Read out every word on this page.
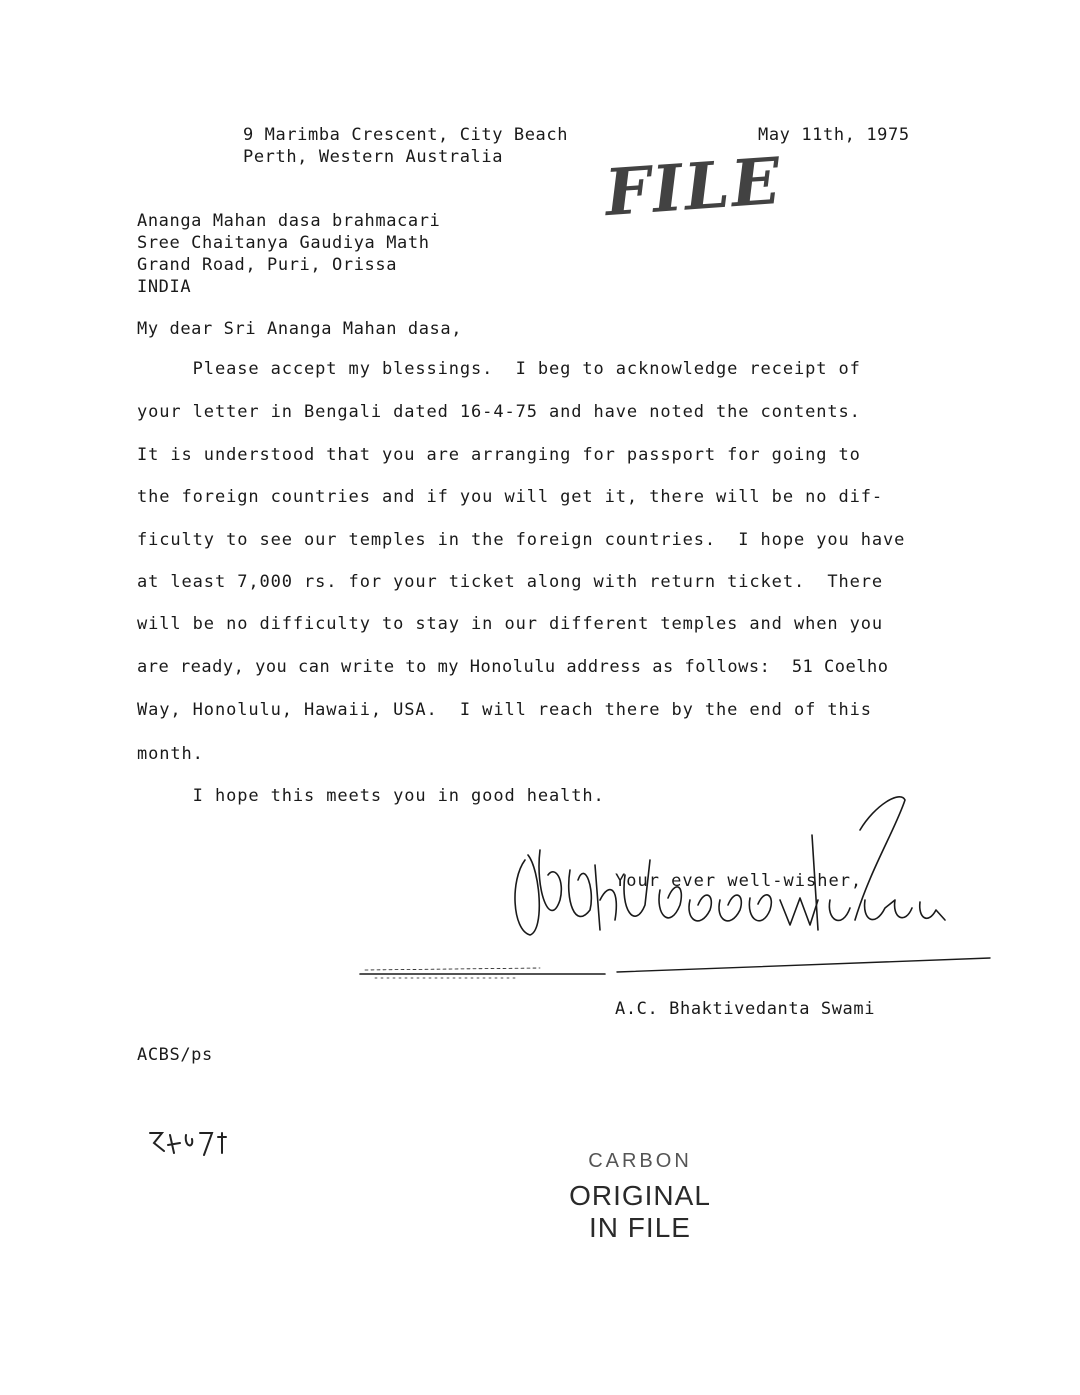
9 Marimba Crescent, City Beach
Perth, Western Australia
May 11th, 1975
FILE
Ananga Mahan dasa brahmacari
Sree Chaitanya Gaudiya Math
Grand Road, Puri, Orissa
INDIA
My dear Sri Ananga Mahan dasa,
Please accept my blessings.  I beg to acknowledge receipt of
your letter in Bengali dated 16-4-75 and have noted the contents.
It is understood that you are arranging for passport for going to
the foreign countries and if you will get it, there will be no dif-
ficulty to see our temples in the foreign countries.  I hope you have
at least 7,000 rs. for your ticket along with return ticket.  There
will be no difficulty to stay in our different temples and when you
are ready, you can write to my Honolulu address as follows:  51 Coelho
Way, Honolulu, Hawaii, USA.  I will reach there by the end of this
month.
I hope this meets you in good health.
Your ever well-wisher,
A.C. Bhaktivedanta Swami
ACBS/ps
CARBON
ORIGINAL
IN FILE
